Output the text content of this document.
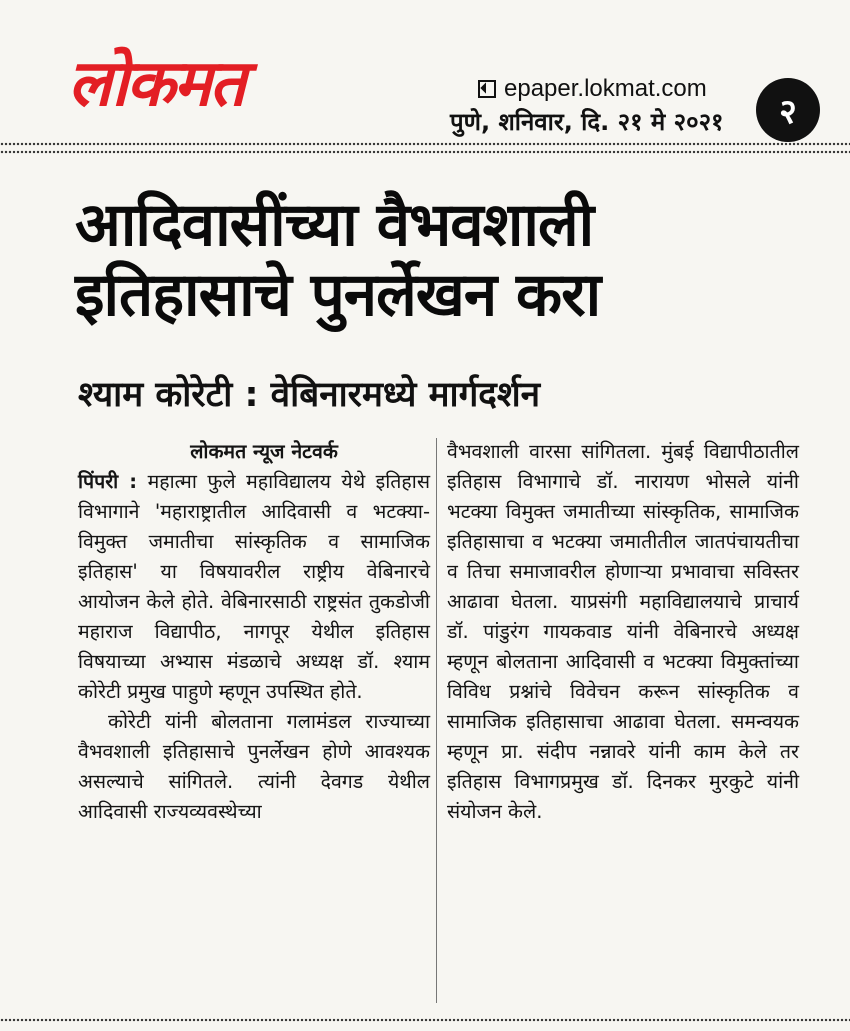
लोकमत	epaper.lokmat.com
पुणे, शनिवार, दि. २१ मे २०२१	२
आदिवासींच्या वैभवशाली इतिहासाचे पुनर्लेखन करा
श्याम कोरेटी : वेबिनारमध्ये मार्गदर्शन
लोकमत न्यूज नेटवर्क
पिंपरी : महात्मा फुले महाविद्यालय येथे इतिहास विभागाने 'महाराष्ट्रातील आदिवासी व भटक्या-विमुक्त जमातीचा सांस्कृतिक व सामाजिक इतिहास' या विषयावरील राष्ट्रीय वेबिनारचे आयोजन केले होते. वेबिनारसाठी राष्ट्रसंत तुकडोजी महाराज विद्यापीठ, नागपूर येथील इतिहास विषयाच्या अभ्यास मंडळाचे अध्यक्ष डॉ. श्याम कोरेटी प्रमुख पाहुणे म्हणून उपस्थित होते.
कोरेटी यांनी बोलताना गलामंडल राज्याच्या वैभवशाली इतिहासाचे पुनर्लेखन होणे आवश्यक असल्याचे सांगितले. त्यांनी देवगड येथील आदिवासी राज्यव्यवस्थेच्या
वैभवशाली वारसा सांगितला. मुंबई विद्यापीठातील इतिहास विभागाचे डॉ. नारायण भोसले यांनी भटक्या विमुक्त जमातीच्या सांस्कृतिक, सामाजिक इतिहासाचा व भटक्या जमातीतील जातपंचायतीचा व तिचा समाजावरील होणाऱ्या प्रभावाचा सविस्तर आढावा घेतला. याप्रसंगी महाविद्यालयाचे प्राचार्य डॉ. पांडुरंग गायकवाड यांनी वेबिनारचे अध्यक्ष म्हणून बोलताना आदिवासी व भटक्या विमुक्तांच्या विविध प्रश्नांचे विवेचन करून सांस्कृतिक व सामाजिक इतिहासाचा आढावा घेतला. समन्वयक म्हणून प्रा. संदीप नन्नावरे यांनी काम केले तर इतिहास विभागप्रमुख डॉ. दिनकर मुरकुटे यांनी संयोजन केले.
